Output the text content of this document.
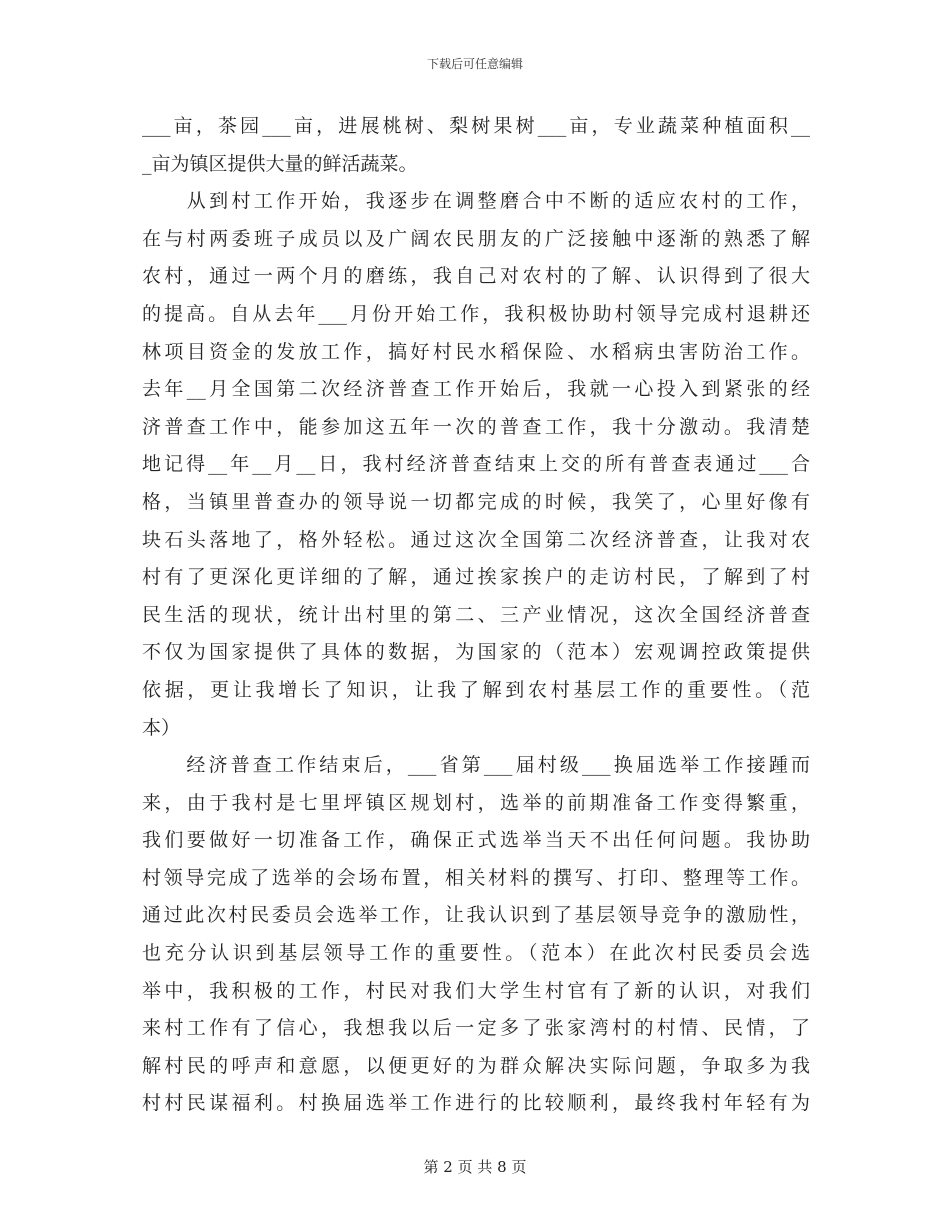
下载后可任意编辑
___亩，茶园___亩，进展桃树、梨树果树___亩，专业蔬菜种植面积__
_亩为镇区提供大量的鲜活蔬菜。
　　从到村工作开始，我逐步在调整磨合中不断的适应农村的工作，
在与村两委班子成员以及广阔农民朋友的广泛接触中逐渐的熟悉了解
农村，通过一两个月的磨练，我自己对农村的了解、认识得到了很大
的提高。自从去年___月份开始工作，我积极协助村领导完成村退耕还
林项目资金的发放工作，搞好村民水稻保险、水稻病虫害防治工作。
去年__月全国第二次经济普查工作开始后，我就一心投入到紧张的经
济普查工作中，能参加这五年一次的普查工作，我十分激动。我清楚
地记得__年__月__日，我村经济普查结束上交的所有普查表通过___合
格，当镇里普查办的领导说一切都完成的时候，我笑了，心里好像有
块石头落地了，格外轻松。通过这次全国第二次经济普查，让我对农
村有了更深化更详细的了解，通过挨家挨户的走访村民，了解到了村
民生活的现状，统计出村里的第二、三产业情况，这次全国经济普查
不仅为国家提供了具体的数据，为国家的（范本）宏观调控政策提供
依据，更让我增长了知识，让我了解到农村基层工作的重要性。（范
本）
　　经济普查工作结束后，___省第___届村级___换届选举工作接踵而
来，由于我村是七里坪镇区规划村，选举的前期准备工作变得繁重，
我们要做好一切准备工作，确保正式选举当天不出任何问题。我协助
村领导完成了选举的会场布置，相关材料的撰写、打印、整理等工作。
通过此次村民委员会选举工作，让我认识到了基层领导竞争的激励性，
也充分认识到基层领导工作的重要性。（范本）在此次村民委员会选
举中，我积极的工作，村民对我们大学生村官有了新的认识，对我们
来村工作有了信心，我想我以后一定多了张家湾村的村情、民情，了
解村民的呼声和意愿，以便更好的为群众解决实际问题，争取多为我
村村民谋福利。村换届选举工作进行的比较顺利，最终我村年轻有为
第 2 页 共 8 页
